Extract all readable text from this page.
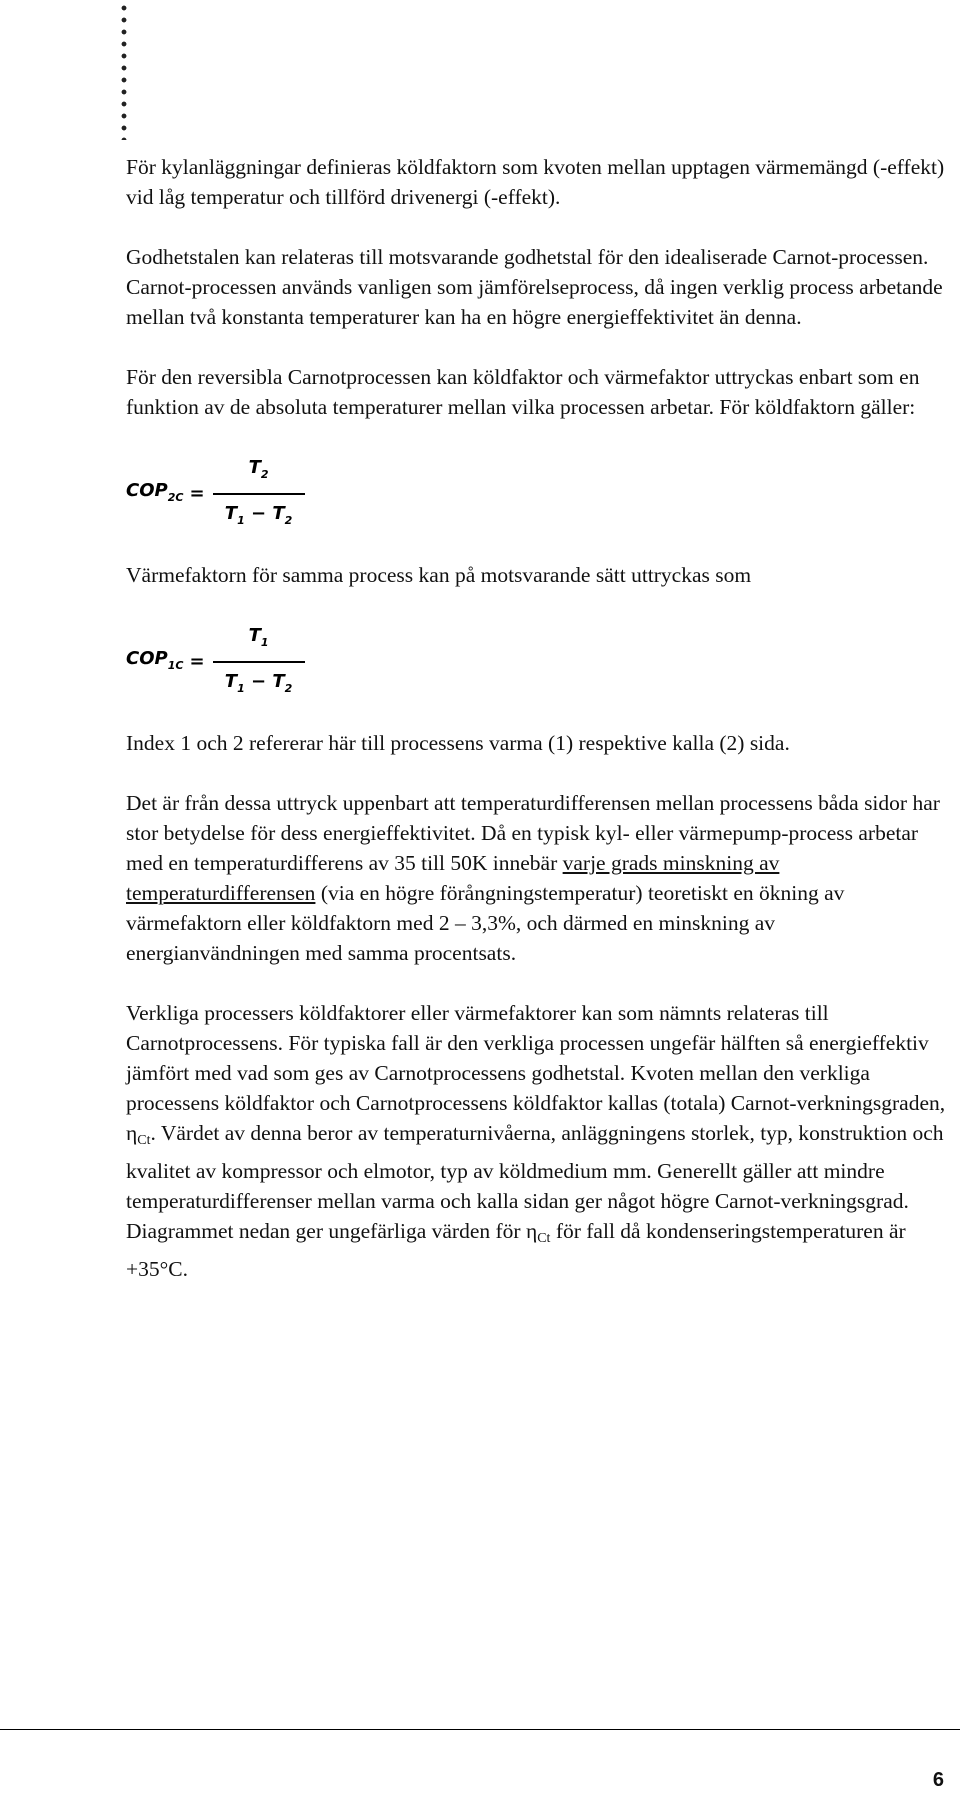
För kylanläggningar definieras köldfaktorn som kvoten mellan upptagen värmemängd (-effekt) vid låg temperatur och tillförd drivenergi (-effekt).

Godhetstalen kan relateras till motsvarande godhetstal för den idealiserade Carnot-processen. Carnot-processen används vanligen som jämförelseprocess, då ingen verklig process arbetande mellan två konstanta temperaturer kan ha en högre energieffektivitet än denna.

För den reversibla Carnotprocessen kan köldfaktor och värmefaktor uttryckas enbart som en funktion av de absoluta temperaturer mellan vilka processen arbetar. För köldfaktorn gäller:

$COP_{2C} = \frac{T_2}{T_1 - T_2}$

Värmefaktorn för samma process kan på motsvarande sätt uttryckas som

$COP_{1C} = \frac{T_1}{T_1 - T_2}$

Index 1 och 2 refererar här till processens varma (1) respektive kalla (2) sida.

Det är från dessa uttryck uppenbart att temperaturdifferensen mellan processens båda sidor har stor betydelse för dess energieffektivitet. Då en typisk kyl- eller värmepump-process arbetar med en temperaturdifferens av 35 till 50K innebär varje grads minskning av temperaturdifferensen (via en högre förångningstemperatur) teoretiskt en ökning av värmefaktorn eller köldfaktorn med 2 – 3,3%, och därmed en minskning av energianvändningen med samma procentsats.

Verkliga processers köldfaktorer eller värmefaktorer kan som nämnts relateras till Carnotprocessens. För typiska fall är den verkliga processen ungefär hälften så energieffektiv jämfört med vad som ges av Carnotprocessens godhetstal. Kvoten mellan den verkliga processens köldfaktor och Carnotprocessens köldfaktor kallas (totala) Carnot-verkningsgraden, $\eta_{Ct}$. Värdet av denna beror av temperaturnivåerna, anläggningens storlek, typ, konstruktion och kvalitet av kompressor och elmotor, typ av köldmedium mm. Generellt gäller att mindre temperaturdifferenser mellan varma och kalla sidan ger något högre Carnot-verkningsgrad. Diagrammet nedan ger ungefärliga värden för $\eta_{Ct}$ för fall då kondenseringstemperaturen är +35°C.

6
